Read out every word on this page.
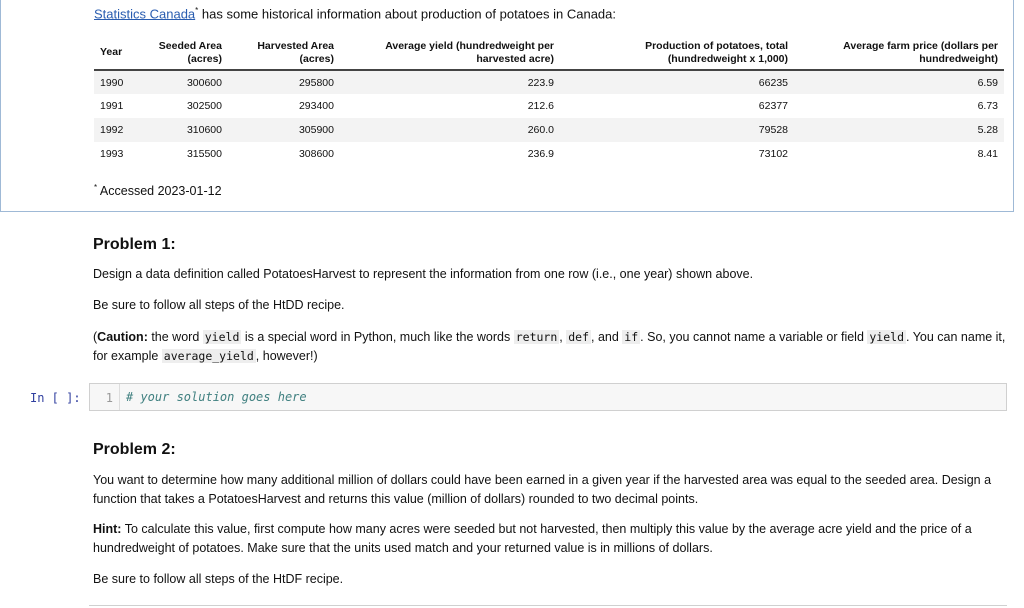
Statistics Canada* has some historical information about production of potatoes in Canada:
Year	Seeded Area (acres)	Harvested Area (acres)	Average yield (hundredweight per harvested acre)	Production of potatoes, total (hundredweight x 1,000)	Average farm price (dollars per hundredweight)
1990	300600	295800	223.9	66235	6.59
1991	302500	293400	212.6	62377	6.73
1992	310600	305900	260.0	79528	5.28
1993	315500	308600	236.9	73102	8.41
* Accessed 2023-01-12
Problem 1:
Design a data definition called PotatoesHarvest to represent the information from one row (i.e., one year) shown above.
Be sure to follow all steps of the HtDD recipe.
(Caution: the word yield is a special word in Python, much like the words return , def , and if . So, you cannot name a variable or field yield . You can name it, for example average_yield , however!)
In [ ]:	1	# your solution goes here
Problem 2:
You want to determine how many additional million of dollars could have been earned in a given year if the harvested area was equal to the seeded area. Design a function that takes a PotatoesHarvest and returns this value (million of dollars) rounded to two decimal points.
Hint: To calculate this value, first compute how many acres were seeded but not harvested, then multiply this value by the average acre yield and the price of a hundredweight of potatoes. Make sure that the units used match and your returned value is in millions of dollars.
Be sure to follow all steps of the HtDF recipe.
